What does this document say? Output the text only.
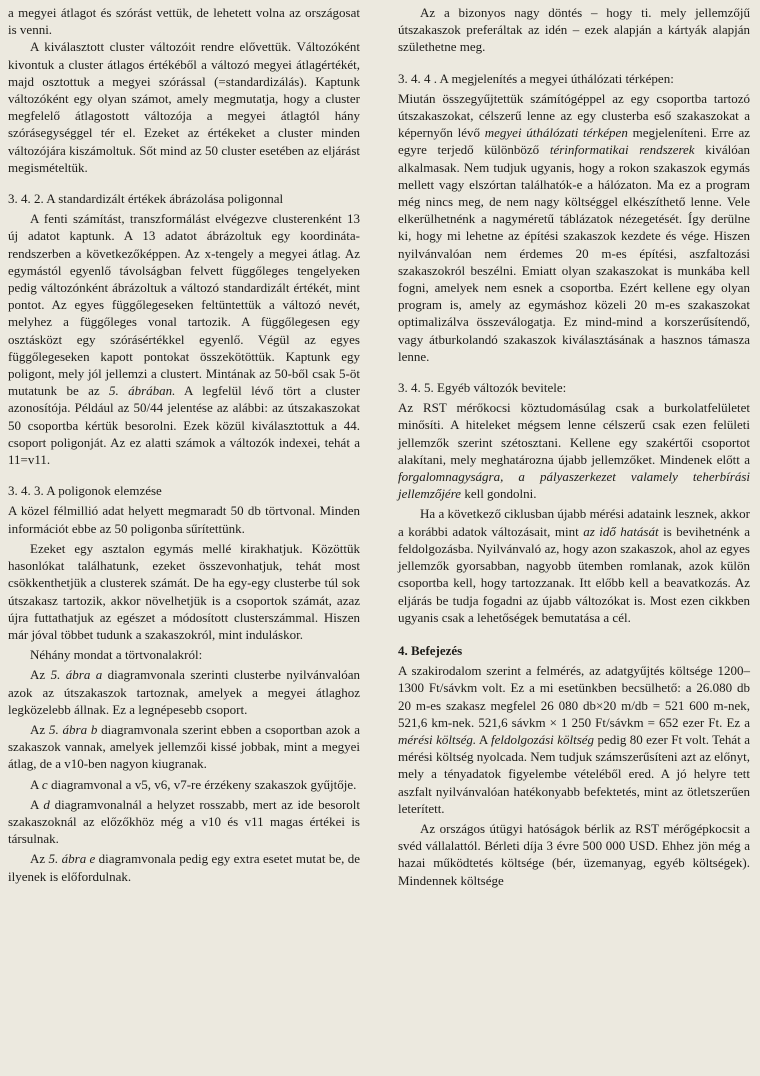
a megyei átlagot és szórást vettük, de lehetett volna az országosat is venni.

A kiválasztott cluster változóit rendre elővettük. Változóként kivontuk a cluster átlagos értékéből a változó megyei átlagértékét, majd osztottuk a megyei szórással (=standardizálás). Kaptunk változóként egy olyan számot, amely megmutatja, hogy a cluster megfelelő átlagostott változója a megyei átlagtól hány szórásegységgel tér el. Ezeket az értékeket a cluster minden változójára kiszámoltuk. Sőt mind az 50 cluster esetében az eljárást megismételtük.

3. 4. 2. A standardizált értékek ábrázolása poligonnal

A fenti számítást, transzformálást elvégezve clusterenként 13 új adatot kaptunk. A 13 adatot ábrázoltuk egy koordináta-rendszerben a következőképpen. Az x-tengely a megyei átlag. Az egymástól egyenlő távolságban felvett függőleges tengelyeken pedig változónként ábrázoltuk a változó standardizált értékét, mint pontot. Az egyes függőlegeseken feltüntettük a változó nevét, melyhez a függőleges vonal tartozik. A függőlegesen egy osztásközt egy szórásértékkel egyenlő. Végül az egyes függőlegeseken kapott pontokat összekötöttük. Kaptunk egy poligont, mely jól jellemzi a clustert. Mintának az 50-ből csak 5-öt mutatunk be az 5. ábrában. A legfelül lévő tört a cluster azonosítója. Például az 50/44 jelentése az alábbi: az útszakaszokat 50 csoportba kértük besorolni. Ezek közül kiválasztottuk a 44. csoport poligonját. Az ez alatti számok a változók indexei, tehát a 11=v11.

3. 4. 3. A poligonok elemzése

A közel félmillió adat helyett megmaradt 50 db törtvonal. Minden információt ebbe az 50 poligonba sűrítettünk.

Ezeket egy asztalon egymás mellé kirakhatjuk. Közöttük hasonlókat találhatunk, ezeket összevonhatjuk, tehát most csökkenthetjük a clusterek számát. De ha egy-egy clusterbe túl sok útszakasz tartozik, akkor növelhetjük is a csoportok számát, azaz újra futtathatjuk az egészet a módosított clusterszámmal. Hiszen már jóval többet tudunk a szakaszokról, mint induláskor.

Néhány mondat a törtvonalakról:

Az 5. ábra a diagramvonala szerinti clusterbe nyilvánvalóan azok az útszakaszok tartoznak, amelyek a megyei átlaghoz legközelebb állnak. Ez a legnépesebb csoport.

Az 5. ábra b diagramvonala szerint ebben a csoportban azok a szakaszok vannak, amelyek jellemzői kissé jobbak, mint a megyei átlag, de a v10-ben nagyon kiugranak.

A c diagramvonal a v5, v6, v7-re érzékeny szakaszok gyűjtője.

A d diagramvonalnál a helyzet rosszabb, mert az ide besorolt szakaszoknál az előzőkhöz még a v10 és v11 magas értékei is társulnak.

Az 5. ábra e diagramvonala pedig egy extra esetet mutat be, de ilyenek is előfordulnak.

Az a bizonyos nagy döntés – hogy ti. mely jellemzőjű útszakaszok preferáltak az idén – ezek alapján a kártyák alapján születhetne meg.

3. 4. 4 . A megjelenítés a megyei úthálózati térképen:

Miután összegyűjtettük számítógéppel az egy csoportba tartozó útszakaszokat, célszerű lenne az egy clusterba eső szakaszokat a képernyőn lévő megyei úthálózati térképen megjeleníteni. Erre az egyre terjedő különböző térinformatikai rendszerek kiválóan alkalmasak. Nem tudjuk ugyanis, hogy a rokon szakaszok egymás mellett vagy elszórtan találhatók-e a hálózaton. Ma ez a program még nincs meg, de nem nagy költséggel elkészíthető lenne. Vele elkerülhetnénk a nagyméretű táblázatok nézegetését. Így derülne ki, hogy mi lehetne az építési szakaszok kezdete és vége. Hiszen nyilvánvalóan nem érdemes 20 m-es építési, aszfaltozási szakaszokról beszélni. Emiatt olyan szakaszokat is munkába kell fogni, amelyek nem esnek a csoportba. Ezért kellene egy olyan program is, amely az egymáshoz közeli 20 m-es szakaszokat optimalizálva összeválogatja. Ez mind-mind a korszerűsítendő, vagy átburkolandó szakaszok kiválasztásának a hasznos támasza lenne.

3. 4. 5. Egyéb változók bevitele:

Az RST mérőkocsi köztudomásúlag csak a burkolatfelületet minősíti. A hiteleket mégsem lenne célszerű csak ezen felületi jellemzők szerint szétosztani. Kellene egy szakértői csoportot alakítani, mely meghatározna újabb jellemzőket. Mindenek előtt a forgalomnagyságra, a pályaszerkezet valamely teherbírási jellemzőjére kell gondolni.

Ha a következő ciklusban újabb mérési adataink lesznek, akkor a korábbi adatok változásait, mint az idő hatását is bevihetnénk a feldolgozásba. Nyilvánvaló az, hogy azon szakaszok, ahol az egyes jellemzők gyorsabban, nagyobb ütemben romlanak, azok külön csoportba kell, hogy tartozzanak. Itt előbb kell a beavatkozás. Az eljárás be tudja fogadni az újabb változókat is. Most ezen cikkben ugyanis csak a lehetőségek bemutatása a cél.

4. Befejezés

A szakirodalom szerint a felmérés, az adatgyűjtés költsége 1200–1300 Ft/sávkm volt. Ez a mi esetünkben becsülhető: a 26.080 db 20 m-es szakasz megfelel 26 080 db×20 m/db = 521 600 m-nek, 521,6 km-nek. 521,6 sávkm × 1 250 Ft/sávkm = 652 ezer Ft. Ez a mérési költség. A feldolgozási költség pedig 80 ezer Ft volt. Tehát a mérési költség nyolcada. Nem tudjuk számszerűsíteni azt az előnyt, mely a tényadatok figyelembe vételéből ered. A jó helyre tett aszfalt nyilvánvalóan hatékonyabb befektetés, mint az ötletszerűen leterített.

Az országos útügyi hatóságok bérlik az RST mérőgépkocsit a svéd vállalattól. Bérleti díja 3 évre 500 000 USD. Ehhez jön még a hazai működtetés költsége (bér, üzemanyag, egyéb költségek). Mindennek költsége
